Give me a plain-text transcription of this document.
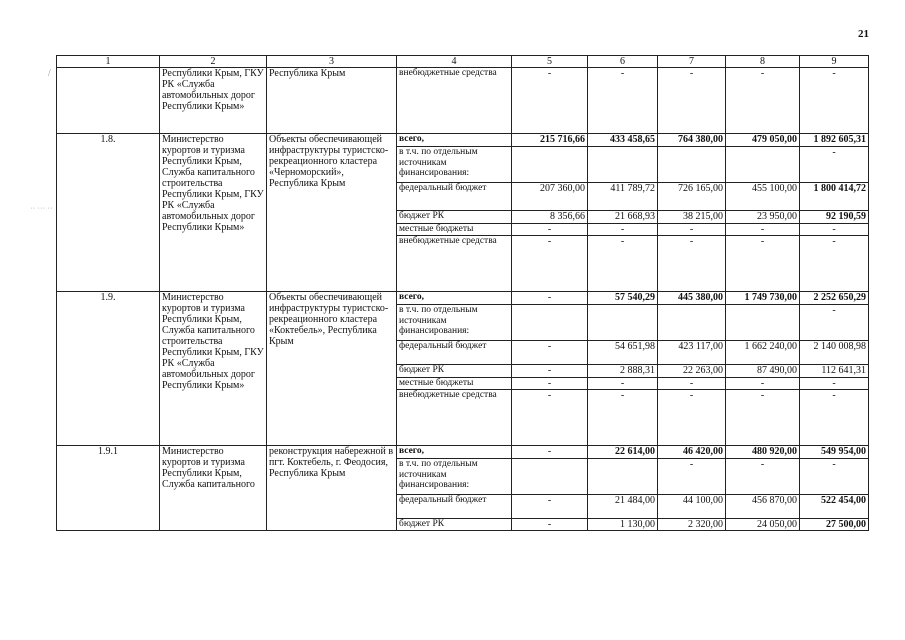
21
1	2	3	4	5	6	7	8	9
	Республики Крым, ГКУ РК «Служба автомобильных дорог Республики Крым»	Республика Крым	внебюджетные средства	-	-	-	-	-
1.8.	Министерство курортов и туризма Республики Крым, Служба капитального строительства Республики Крым, ГКУ РК «Служба автомобильных дорог Республики Крым»	Объекты обеспечивающей инфраструктуры туристско-рекреационного кластера «Черноморский», Республика Крым	всего,	215 716,66	433 458,65	764 380,00	479 050,00	1 892 605,31
			в т.ч. по отдельным источникам финансирования:					-
			федеральный бюджет	207 360,00	411 789,72	726 165,00	455 100,00	1 800 414,72
			бюджет РК	8 356,66	21 668,93	38 215,00	23 950,00	92 190,59
			местные бюджеты	-	-	-	-	-
			внебюджетные средства	-	-	-	-	-
1.9.	Министерство курортов и туризма Республики Крым, Служба капитального строительства Республики Крым, ГКУ РК «Служба автомобильных дорог Республики Крым»	Объекты обеспечивающей инфраструктуры туристско-рекреационного кластера «Коктебель», Республика Крым	всего,	-	57 540,29	445 380,00	1 749 730,00	2 252 650,29
			в т.ч. по отдельным источникам финансирования:					-
			федеральный бюджет	-	54 651,98	423 117,00	1 662 240,00	2 140 008,98
			бюджет РК	-	2 888,31	22 263,00	87 490,00	112 641,31
			местные бюджеты	-	-	-	-	-
			внебюджетные средства	-	-	-	-	-
1.9.1	Министерство курортов и туризма Республики Крым, Служба капитального	реконструкция набережной в пгт. Коктебель, г. Феодосия, Республика Крым	всего,	-	22 614,00	46 420,00	480 920,00	549 954,00
			в т.ч. по отдельным источникам финансирования:			-	-	-
			федеральный бюджет	-	21 484,00	44 100,00	456 870,00	522 454,00
			бюджет РК	-	1 130,00	2 320,00	24 050,00	27 500,00
/
˙˙ ˙˙˙ ˙˙
